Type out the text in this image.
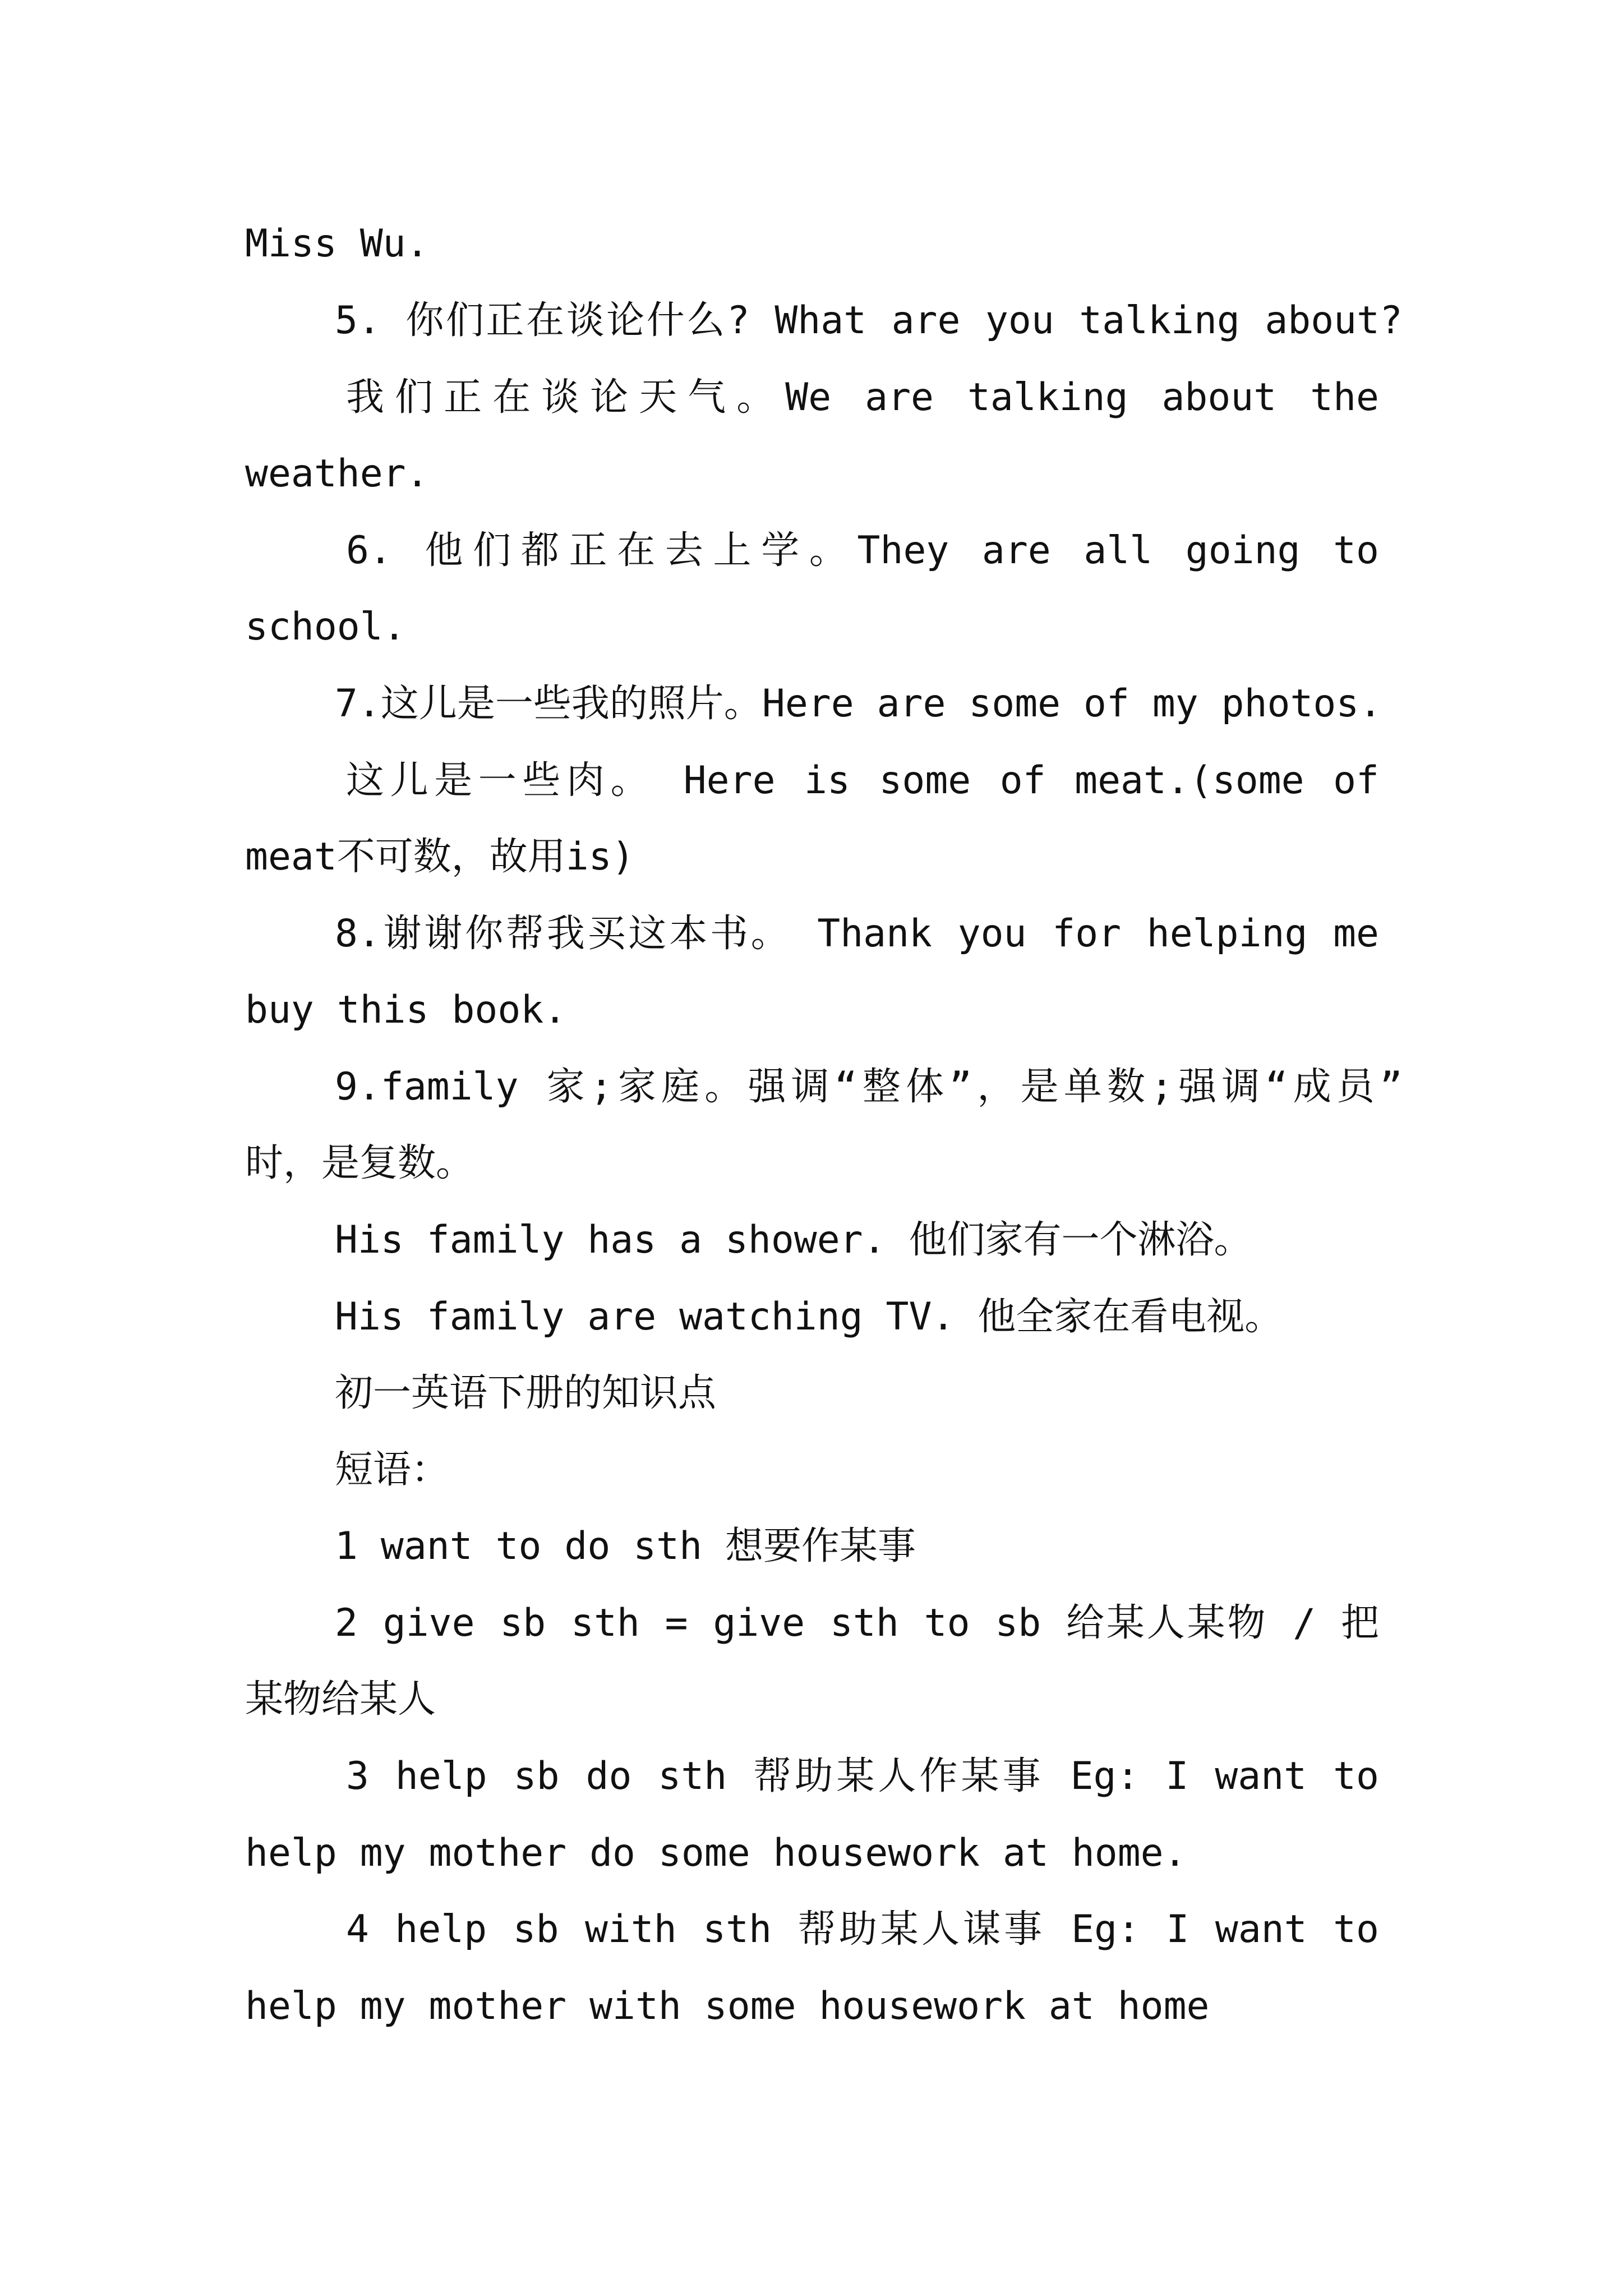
Miss Wu.
5. 你们正在谈论什么? What are you talking about?
我们正在谈论天气。We are talking about the
weather.
6. 他们都正在去上学。They are all going to
school.
7.这儿是一些我的照片。Here are some of my photos.
这儿是一些肉。 Here is some of meat.(some of
meat不可数，故用is)
8.谢谢你帮我买这本书。 Thank you for helping me
buy this book.
9.family 家;家庭。强调“整体”，是单数;强调“成员”
时，是复数。
His family has a shower. 他们家有一个淋浴。
His family are watching TV. 他全家在看电视。
初一英语下册的知识点
短语：
1 want to do sth 想要作某事
2 give sb sth = give sth to sb 给某人某物 / 把
某物给某人
3 help sb do sth 帮助某人作某事 Eg: I want to
help my mother do some housework at home.
4 help sb with sth 帮助某人谋事 Eg: I want to
help my mother with some housework at home
